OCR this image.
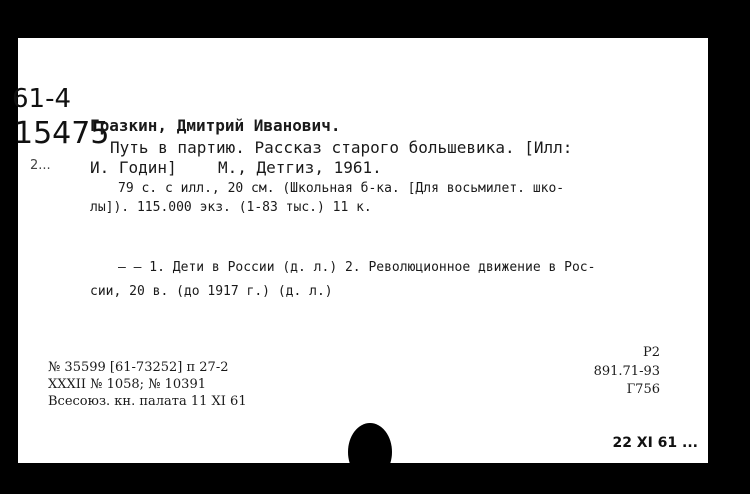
61-4
15475
2...
Гразкин, Дмитрий Иванович.
Путь в партию. Рассказ старого большевика. [Илл:
И. Годин]	М., Детгиз, 1961.
79 с. с илл., 20 см. (Школьная б-ка. [Для восьмилет. шко-
лы]). 115.000 экз. (1-83 тыс.) 11 к.
— — 1. Дети в России (д. л.) 2. Революционное движение в Рос-
сии, 20 в. (до 1917 г.) (д. л.)
№ 35599 [61-73252] п 27-2
XXXII № 1058; № 10391
Всесоюз. кн. палата 11 XI 61
Р2
891.71-93
Г756
22 XI 61 ...
